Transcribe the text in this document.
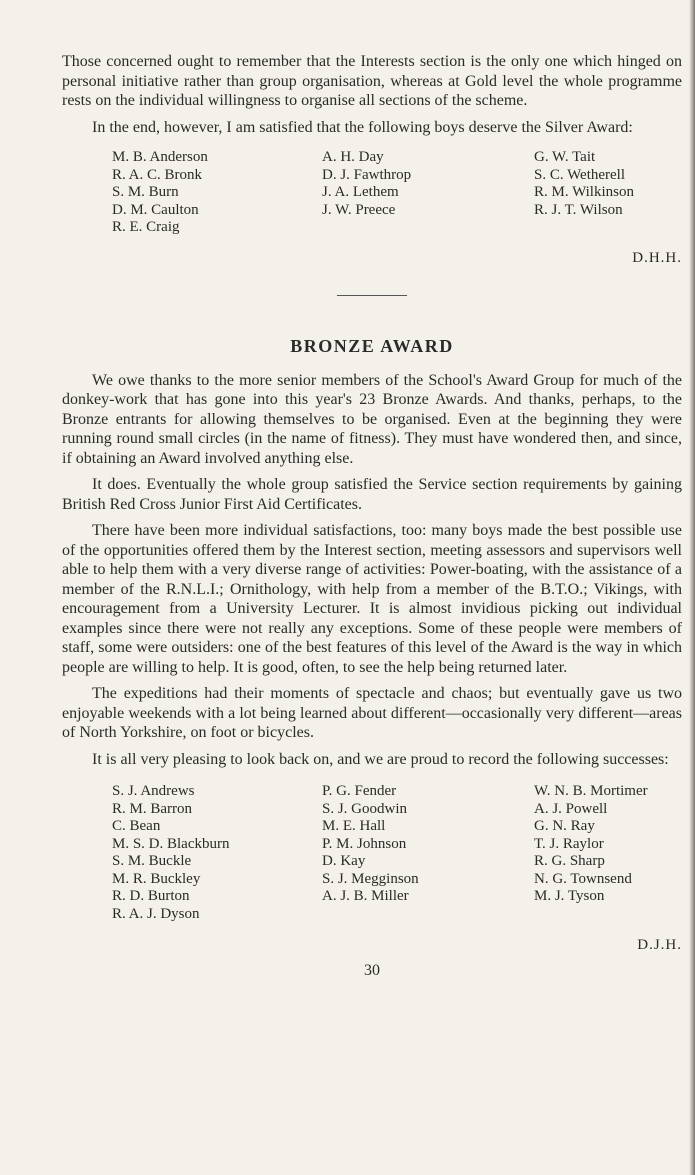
Those concerned ought to remember that the Interests section is the only one which hinged on personal initiative rather than group organisation, whereas at Gold level the whole programme rests on the individual willingness to organise all sections of the scheme.

In the end, however, I am satisfied that the following boys deserve the Silver Award:

M. B. Anderson
R. A. C. Bronk
S. M. Burn
D. M. Caulton
R. E. Craig
A. H. Day
D. J. Fawthrop
J. A. Lethem
J. W. Preece
G. W. Tait
S. C. Wetherell
R. M. Wilkinson
R. J. T. Wilson
D.H.H.
BRONZE AWARD

We owe thanks to the more senior members of the School's Award Group for much of the donkey-work that has gone into this year's 23 Bronze Awards. And thanks, perhaps, to the Bronze entrants for allowing themselves to be organised. Even at the beginning they were running round small circles (in the name of fitness). They must have wondered then, and since, if obtaining an Award involved anything else.

It does. Eventually the whole group satisfied the Service section requirements by gaining British Red Cross Junior First Aid Certificates.

There have been more individual satisfactions, too: many boys made the best possible use of the opportunities offered them by the Interest section, meeting assessors and supervisors well able to help them with a very diverse range of activities: Power-boating, with the assistance of a member of the R.N.L.I.; Ornithology, with help from a member of the B.T.O.; Vikings, with encouragement from a University Lecturer. It is almost invidious picking out individual examples since there were not really any exceptions. Some of these people were members of staff, some were outsiders: one of the best features of this level of the Award is the way in which people are willing to help. It is good, often, to see the help being returned later.

The expeditions had their moments of spectacle and chaos; but eventually gave us two enjoyable weekends with a lot being learned about different—occasionally very different—areas of North Yorkshire, on foot or bicycles.

It is all very pleasing to look back on, and we are proud to record the following successes:

S. J. Andrews
R. M. Barron
C. Bean
M. S. D. Blackburn
S. M. Buckle
M. R. Buckley
R. D. Burton
R. A. J. Dyson
P. G. Fender
S. J. Goodwin
M. E. Hall
P. M. Johnson
D. Kay
S. J. Megginson
A. J. B. Miller
W. N. B. Mortimer
A. J. Powell
G. N. Ray
T. J. Raylor
R. G. Sharp
N. G. Townsend
M. J. Tyson
D.J.H.
30
